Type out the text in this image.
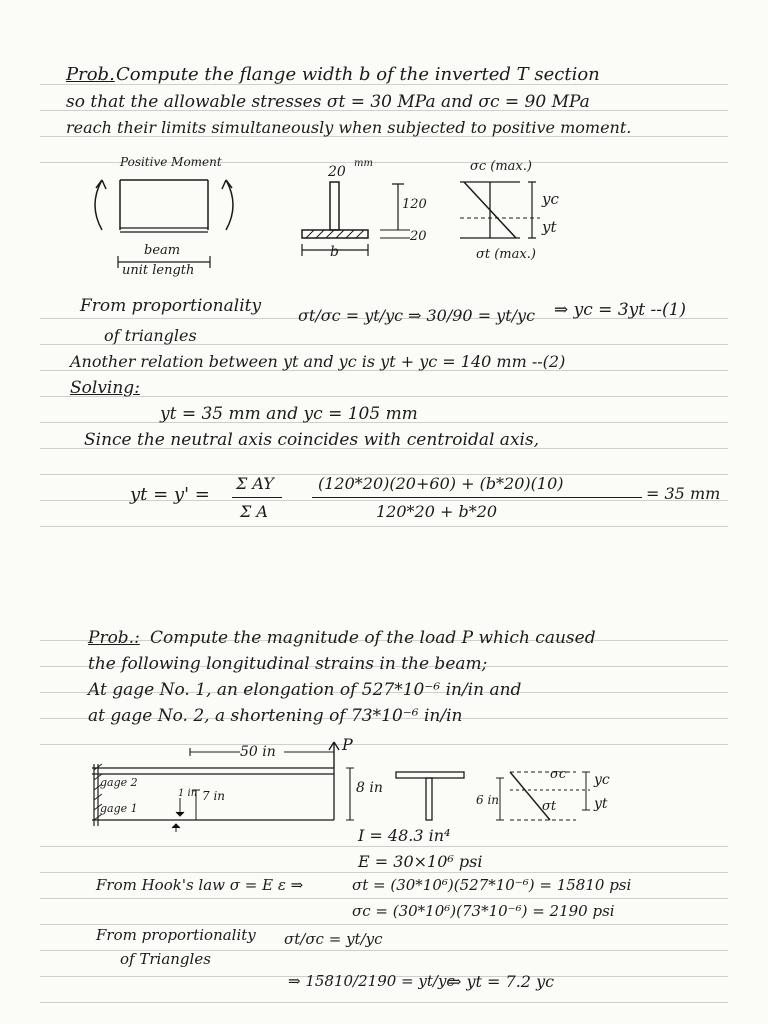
Prob. Compute the flange width b of the inverted T section
so that the allowable stresses σt = 30 MPa and σc = 90 MPa
reach their limits simultaneously when subjected to positive moment.
Positive Moment
beam
unit length
20
mm
120
20
b
σc (max.)
σt (max.)
yc
yt
From proportionality
of triangles
σt/σc = yt/yc ⇒ 30/90 = yt/yc ⇒ yc = 3yt --(1)
Another relation between yt and yc is yt + yc = 140 mm --(2)
Solving:
yt = 35 mm and yc = 105 mm
Since the neutral axis coincides with centroidal axis,
yt = y' =
Σ AY
Σ A
(120*20)(20+60) + (b*20)(10)
120*20 + b*20
= 35 mm
Prob.: Compute the magnitude of the load P which caused
the following longitudinal strains in the beam;
At gage No. 1, an elongation of 527*10⁻⁶ in/in and
at gage No. 2, a shortening of 73*10⁻⁶ in/in
50 in	P
gage 2
gage 1
1 in 7 in	8 in
6 in
σc
σt
yc
yt
I = 48.3 in⁴
E = 30×10⁶ psi
From Hook's law σ = E ε ⇒	σt = (30*10⁶)(527*10⁻⁶) = 15810 psi
σc = (30*10⁶)(73*10⁻⁶) = 2190 psi
From proportionality
of Triangles
σt/σc = yt/yc
⇒ 15810/2190 = yt/yc
⇒ yt = 7.2 yc
